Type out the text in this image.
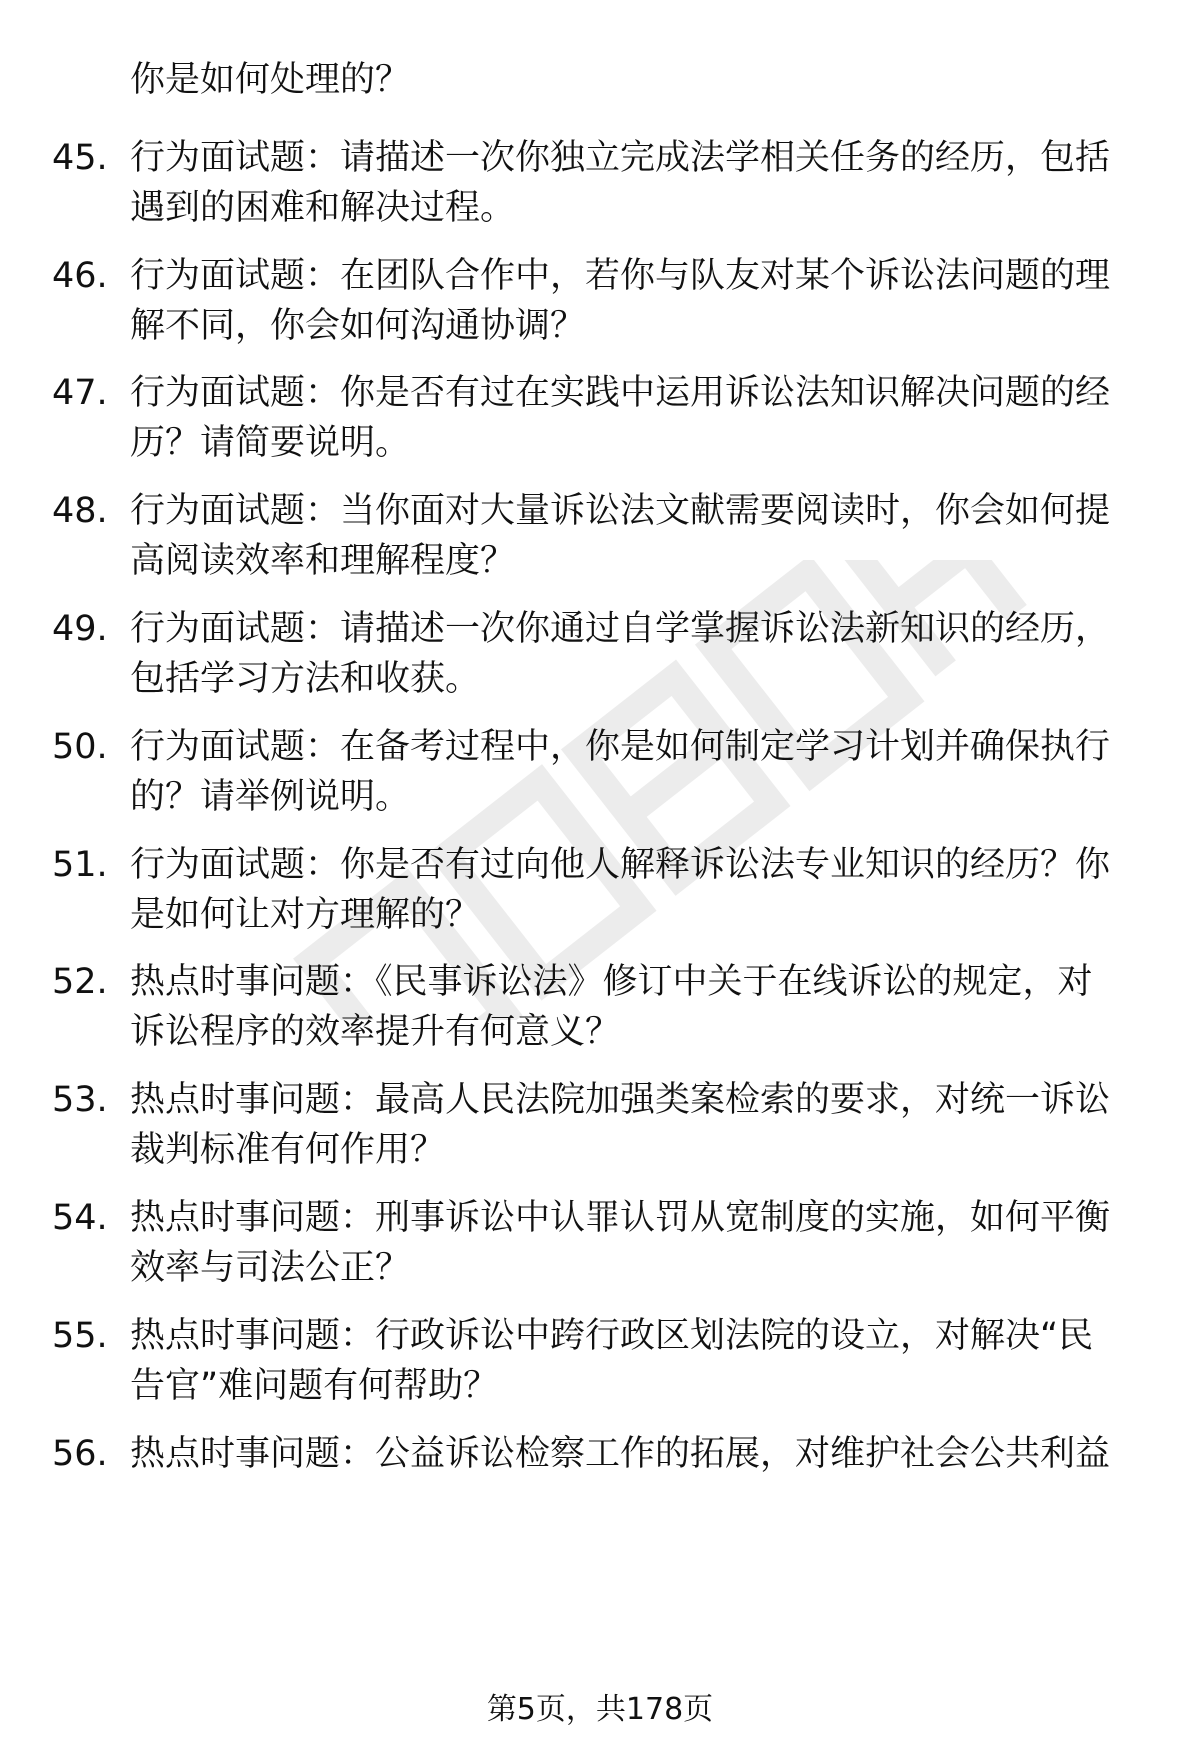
你是如何处理的？
45. 行为面试题：请描述一次你独立完成法学相关任务的经历，包括
遇到的困难和解决过程。
46. 行为面试题：在团队合作中，若你与队友对某个诉讼法问题的理
解不同，你会如何沟通协调？
47. 行为面试题：你是否有过在实践中运用诉讼法知识解决问题的经
历？请简要说明。
48. 行为面试题：当你面对大量诉讼法文献需要阅读时，你会如何提
高阅读效率和理解程度？
49. 行为面试题：请描述一次你通过自学掌握诉讼法新知识的经历，
包括学习方法和收获。
50. 行为面试题：在备考过程中，你是如何制定学习计划并确保执行
的？请举例说明。
51. 行为面试题：你是否有过向他人解释诉讼法专业知识的经历？你
是如何让对方理解的？
52. 热点时事问题：《民事诉讼法》修订中关于在线诉讼的规定，对
诉讼程序的效率提升有何意义？
53. 热点时事问题：最高人民法院加强类案检索的要求，对统一诉讼
裁判标准有何作用？
54. 热点时事问题：刑事诉讼中认罪认罚从宽制度的实施，如何平衡
效率与司法公正？
55. 热点时事问题：行政诉讼中跨行政区划法院的设立，对解决“民
告官”难问题有何帮助？
56. 热点时事问题：公益诉讼检察工作的拓展，对维护社会公共利益
第5页，共178页
